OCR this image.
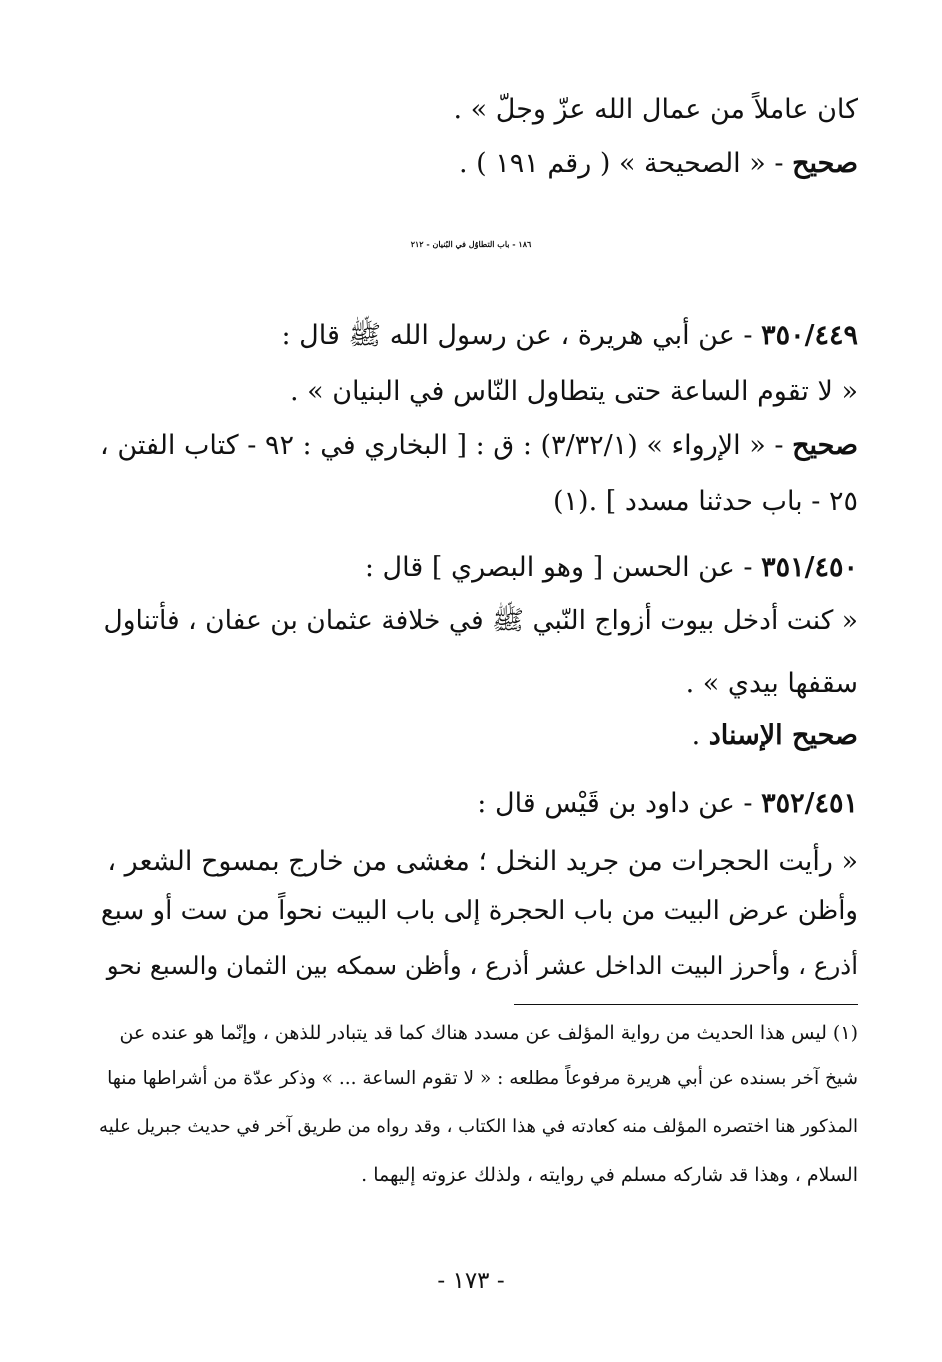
كان عاملاً من عمال الله عزّ وجلّ » .
صحيح - « الصحيحة » ( رقم ١٩١ ) .
١٨٦ - باب التطاوُل في البُنيان - ٢١٢
٣٥٠/٤٤٩ - عن أبي هريرة ، عن رسول الله ﷺ قال :
« لا تقوم الساعة حتى يتطاول النّاس في البنيان » .
صحيح - « الإرواء » (٣/٣٢/١) : ق : [ البخاري في : ٩٢ - كتاب الفتن ،
٢٥ - باب حدثنا مسدد ] .(١)
٣٥١/٤٥٠ - عن الحسن [ وهو البصري ] قال :
« كنت أدخل بيوت أزواج النّبي ﷺ في خلافة عثمان بن عفان ، فأتناول
سقفها بيدي » .
صحيح الإسناد .
٣٥٢/٤٥١ - عن داود بن قَيْس قال :
« رأيت الحجرات من جريد النخل ؛ مغشى من خارج بمسوح الشعر ،
وأظن عرض البيت من باب الحجرة إلى باب البيت نحواً من ست أو سبع
أذرع ، وأحرز البيت الداخل عشر أذرع ، وأظن سمكه بين الثمان والسبع نحو
(١) ليس هذا الحديث من رواية المؤلف عن مسدد هناك كما قد يتبادر للذهن ، وإنّما هو عنده عن
شيخ آخر بسنده عن أبي هريرة مرفوعاً مطلعه : « لا تقوم الساعة ... » وذكر عدّة من أشراطها منها
المذكور هنا اختصره المؤلف منه كعادته في هذا الكتاب ، وقد رواه من طريق آخر في حديث جبريل عليه
السلام ، وهذا قد شاركه مسلم في روايته ، ولذلك عزوته إليهما .
- ١٧٣ -
